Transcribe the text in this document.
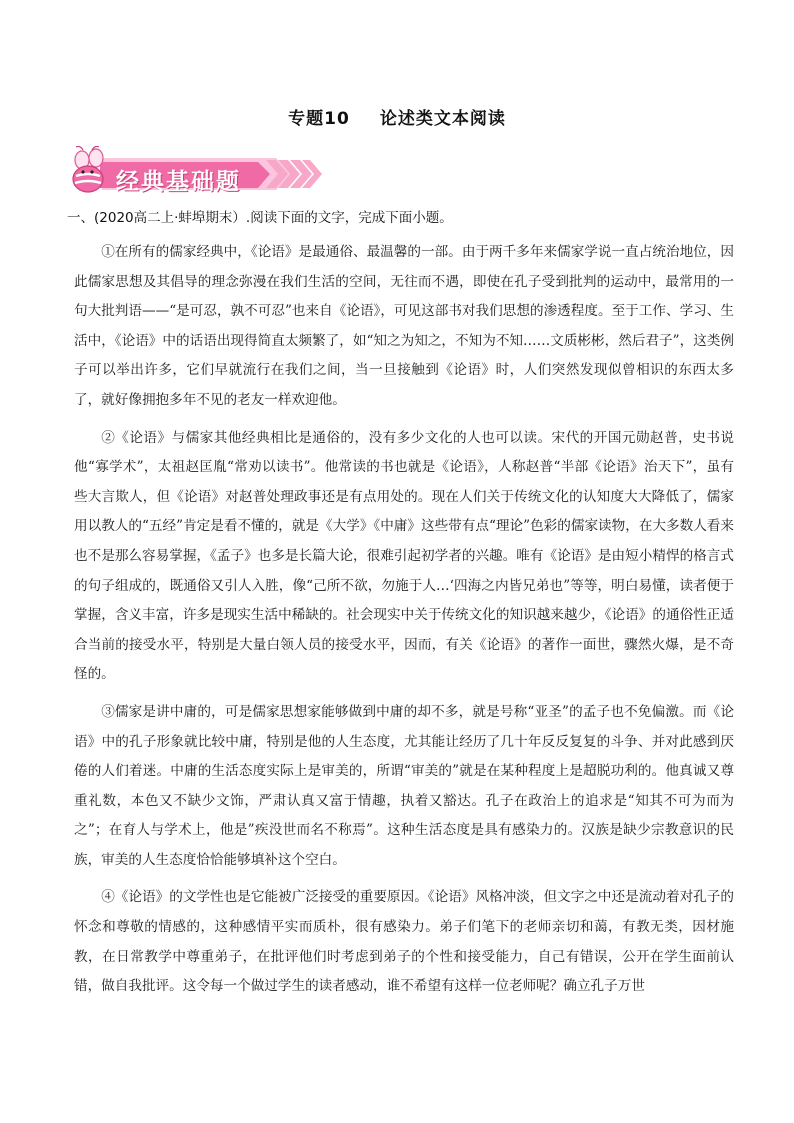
专题10 论述类文本阅读
经典基础题
一、(2020高二上·蚌埠期末）.阅读下面的文字，完成下面小题。

①在所有的儒家经典中，《论语》是最通俗、最温馨的一部。由于两千多年来儒家学说一直占统治地位，因此儒家思想及其倡导的理念弥漫在我们生活的空间，无往而不遇，即使在孔子受到批判的运动中，最常用的一句大批判语——“是可忍，孰不可忍”也来自《论语》，可见这部书对我们思想的渗透程度。至于工作、学习、生活中，《论语》中的话语出现得简直太频繁了，如“知之为知之，不知为不知……文质彬彬，然后君子”，这类例子可以举出许多，它们早就流行在我们之间，当一旦接触到《论语》时，人们突然发现似曾相识的东西太多了，就好像拥抱多年不见的老友一样欢迎他。

②《论语》与儒家其他经典相比是通俗的，没有多少文化的人也可以读。宋代的开国元勋赵普，史书说他“寡学术”，太祖赵匡胤“常劝以读书”。他常读的书也就是《论语》，人称赵普“半部《论语》治天下”，虽有些大言欺人，但《论语》对赵普处理政事还是有点用处的。现在人们关于传统文化的认知度大大降低了，儒家用以教人的“五经”肯定是看不懂的，就是《大学》《中庸》这些带有点“理论”色彩的儒家读物，在大多数人看来也不是那么容易掌握，《孟子》也多是长篇大论，很难引起初学者的兴趣。唯有《论语》是由短小精悍的格言式的句子组成的，既通俗又引人入胜，像“己所不欲，勿施于人…‘四海之内皆兄弟也”等等，明白易懂，读者便于掌握，含义丰富，许多是现实生活中稀缺的。社会现实中关于传统文化的知识越来越少，《论语》的通俗性正适合当前的接受水平，特别是大量白领人员的接受水平，因而，有关《论语》的著作一面世，骤然火爆，是不奇怪的。

③儒家是讲中庸的，可是儒家思想家能够做到中庸的却不多，就是号称“亚圣”的孟子也不免偏激。而《论语》中的孔子形象就比较中庸，特别是他的人生态度，尤其能让经历了几十年反反复复的斗争、并对此感到厌倦的人们着迷。中庸的生活态度实际上是审美的，所谓“审美的”就是在某种程度上是超脱功利的。他真诚又尊重礼数，本色又不缺少文饰，严肃认真又富于情趣，执着又豁达。孔子在政治上的追求是“知其不可为而为之”；在育人与学术上，他是”疾没世而名不称焉”。这种生活态度是具有感染力的。汉族是缺少宗教意识的民族，审美的人生态度恰恰能够填补这个空白。

④《论语》的文学性也是它能被广泛接受的重要原因。《论语》风格冲淡，但文字之中还是流动着对孔子的怀念和尊敬的情感的，这种感情平实而质朴，很有感染力。弟子们笔下的老师亲切和蔼，有教无类，因材施教，在日常教学中尊重弟子，在批评他们时考虑到弟子的个性和接受能力，自己有错误，公开在学生面前认错，做自我批评。这令每一个做过学生的读者感动，谁不希望有这样一位老师呢？确立孔子万世
